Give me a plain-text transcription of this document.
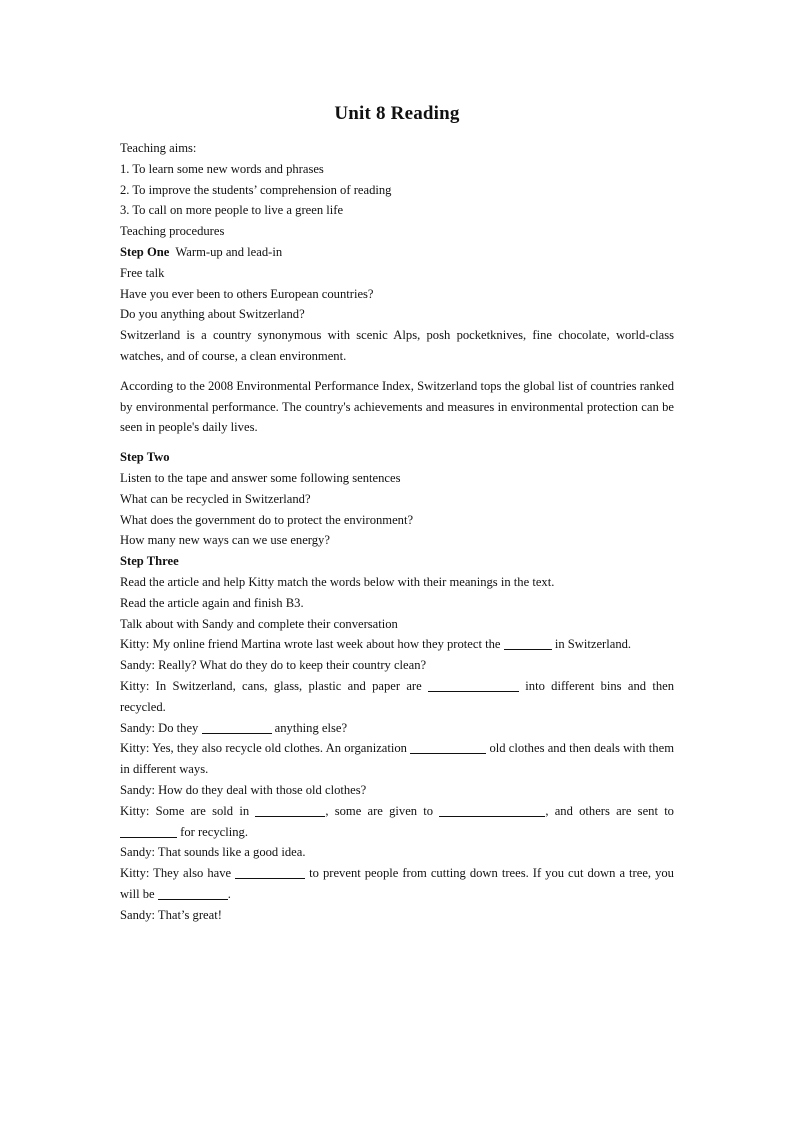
Unit 8 Reading
Teaching aims:
1. To learn some new words and phrases
2. To improve the students’ comprehension of reading
3. To call on more people to live a green life
Teaching procedures
Step One Warm-up and lead-in
Free talk
Have you ever been to others European countries?
Do you anything about Switzerland?
Switzerland is a country synonymous with scenic Alps, posh pocketknives, fine chocolate, world-class watches, and of course, a clean environment.
According to the 2008 Environmental Performance Index, Switzerland tops the global list of countries ranked by environmental performance. The country's achievements and measures in environmental protection can be seen in people's daily lives.
Step Two
Listen to the tape and answer some following sentences
What can be recycled in Switzerland?
What does the government do to protect the environment?
How many new ways can we use energy?
Step Three
Read the article and help Kitty match the words below with their meanings in the text.
Read the article again and finish B3.
Talk about with Sandy and complete their conversation
Kitty: My online friend Martina wrote last week about how they protect the	in Switzerland.
Sandy: Really? What do they do to keep their country clean?
Kitty: In Switzerland, cans, glass, plastic and paper are	into different bins and then recycled.
Sandy: Do they	anything else?
Kitty: Yes, they also recycle old clothes. An organization	old clothes and then deals with them in different ways.
Sandy: How do they deal with those old clothes?
Kitty: Some are sold in	, some are given to	, and others are sent to  for recycling.
Sandy: That sounds like a good idea.
Kitty: They also have	to prevent people from cutting down trees. If you cut down a tree, you will be	.
Sandy: That’s great!
